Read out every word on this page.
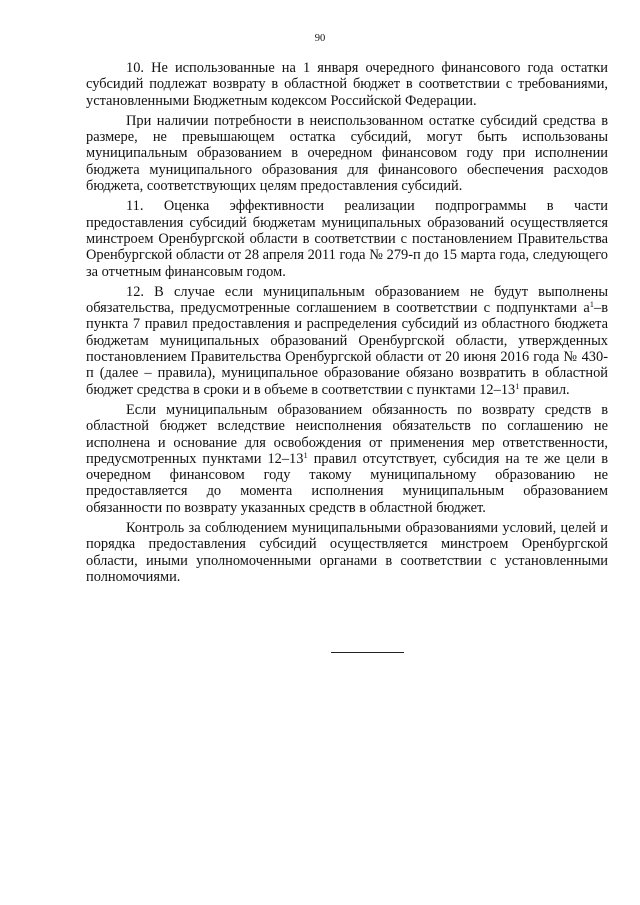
90

10. Не использованные на 1 января очередного финансового года остатки субсидий подлежат возврату в областной бюджет в соответствии с требованиями, установленными Бюджетным кодексом Российской Федерации.

При наличии потребности в неиспользованном остатке субсидий средства в размере, не превышающем остатка субсидий, могут быть использованы муниципальным образованием в очередном финансовом году при исполнении бюджета муниципального образования для финансового обеспечения расходов бюджета, соответствующих целям предоставления субсидий.

11. Оценка эффективности реализации подпрограммы в части предоставления субсидий бюджетам муниципальных образований осуществляется минстроем Оренбургской области в соответствии с постановлением Правительства Оренбургской области от 28 апреля 2011 года № 279-п до 15 марта года, следующего за отчетным финансовым годом.

12. В случае если муниципальным образованием не будут выполнены обязательства, предусмотренные соглашением в соответствии с подпунктами $а^1-в$ пункта 7 правил предоставления и распределения субсидий из областного бюджета бюджетам муниципальных образований Оренбургской области, утвержденных постановлением Правительства Оренбургской области от 20 июня 2016 года № 430-п (далее – правила), муниципальное образование обязано возвратить в областной бюджет средства в сроки и в объеме в соответствии с пунктами $12-13^1$ правил.

Если муниципальным образованием обязанность по возврату средств в областной бюджет вследствие неисполнения обязательств по соглашению не исполнена и основание для освобождения от применения мер ответственности, предусмотренных пунктами $12-13^1$ правил отсутствует, субсидия на те же цели в очередном финансовом году такому муниципальному образованию не предоставляется до момента исполнения муниципальным образованием обязанности по возврату указанных средств в областной бюджет.

Контроль за соблюдением муниципальными образованиями условий, целей и порядка предоставления субсидий осуществляется минстроем Оренбургской области, иными уполномоченными органами в соответствии с установленными полномочиями.
